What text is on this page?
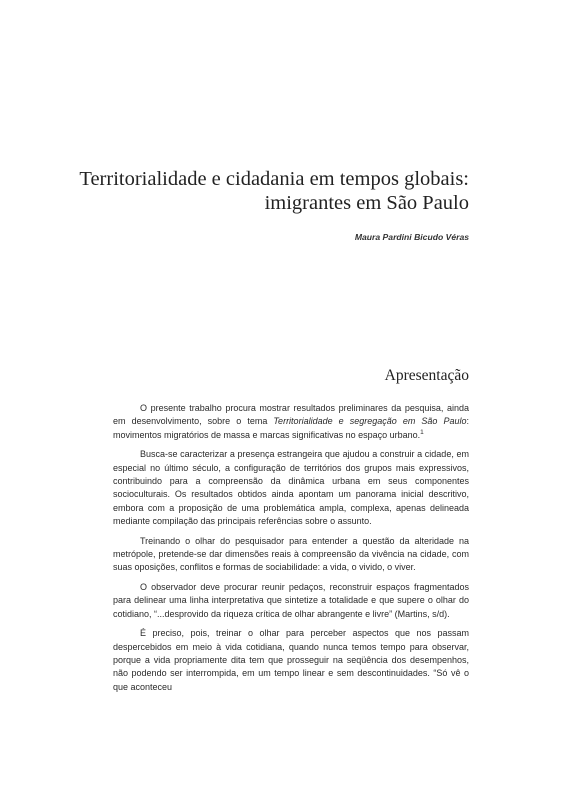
Territorialidade e cidadania em tempos globais:
imigrantes em São Paulo
Maura Pardini Bicudo Véras
Apresentação

O presente trabalho procura mostrar resultados preliminares da pesquisa, ainda em desenvolvimento, sobre o tema Territorialidade e segregação em São Paulo: movimentos migratórios de massa e marcas significativas no espaço urbano.$^1$

Busca-se caracterizar a presença estrangeira que ajudou a construir a cidade, em especial no último século, a configuração de territórios dos grupos mais expressivos, contribuindo para a compreensão da dinâmica urbana em seus componentes socioculturais. Os resultados obtidos ainda apontam um panorama inicial descritivo, embora com a proposição de uma problemática ampla, complexa, apenas delineada mediante compilação das principais referências sobre o assunto.

Treinando o olhar do pesquisador para entender a questão da alteridade na metrópole, pretende-se dar dimensões reais à compreensão da vivência na cidade, com suas oposições, conflitos e formas de sociabilidade: a vida, o vivido, o viver.

O observador deve procurar reunir pedaços, reconstruir espaços fragmentados para delinear uma linha interpretativa que sintetize a totalidade e que supere o olhar do cotidiano, “...desprovido da riqueza crítica de olhar abrangente e livre” (Martins, s/d).

É preciso, pois, treinar o olhar para perceber aspectos que nos passam despercebidos em meio à vida cotidiana, quando nunca temos tempo para observar, porque a vida propriamente dita tem que prosseguir na seqüência dos desempenhos, não podendo ser interrompida, em um tempo linear e sem descontinuidades. “Só vê o que aconteceu
